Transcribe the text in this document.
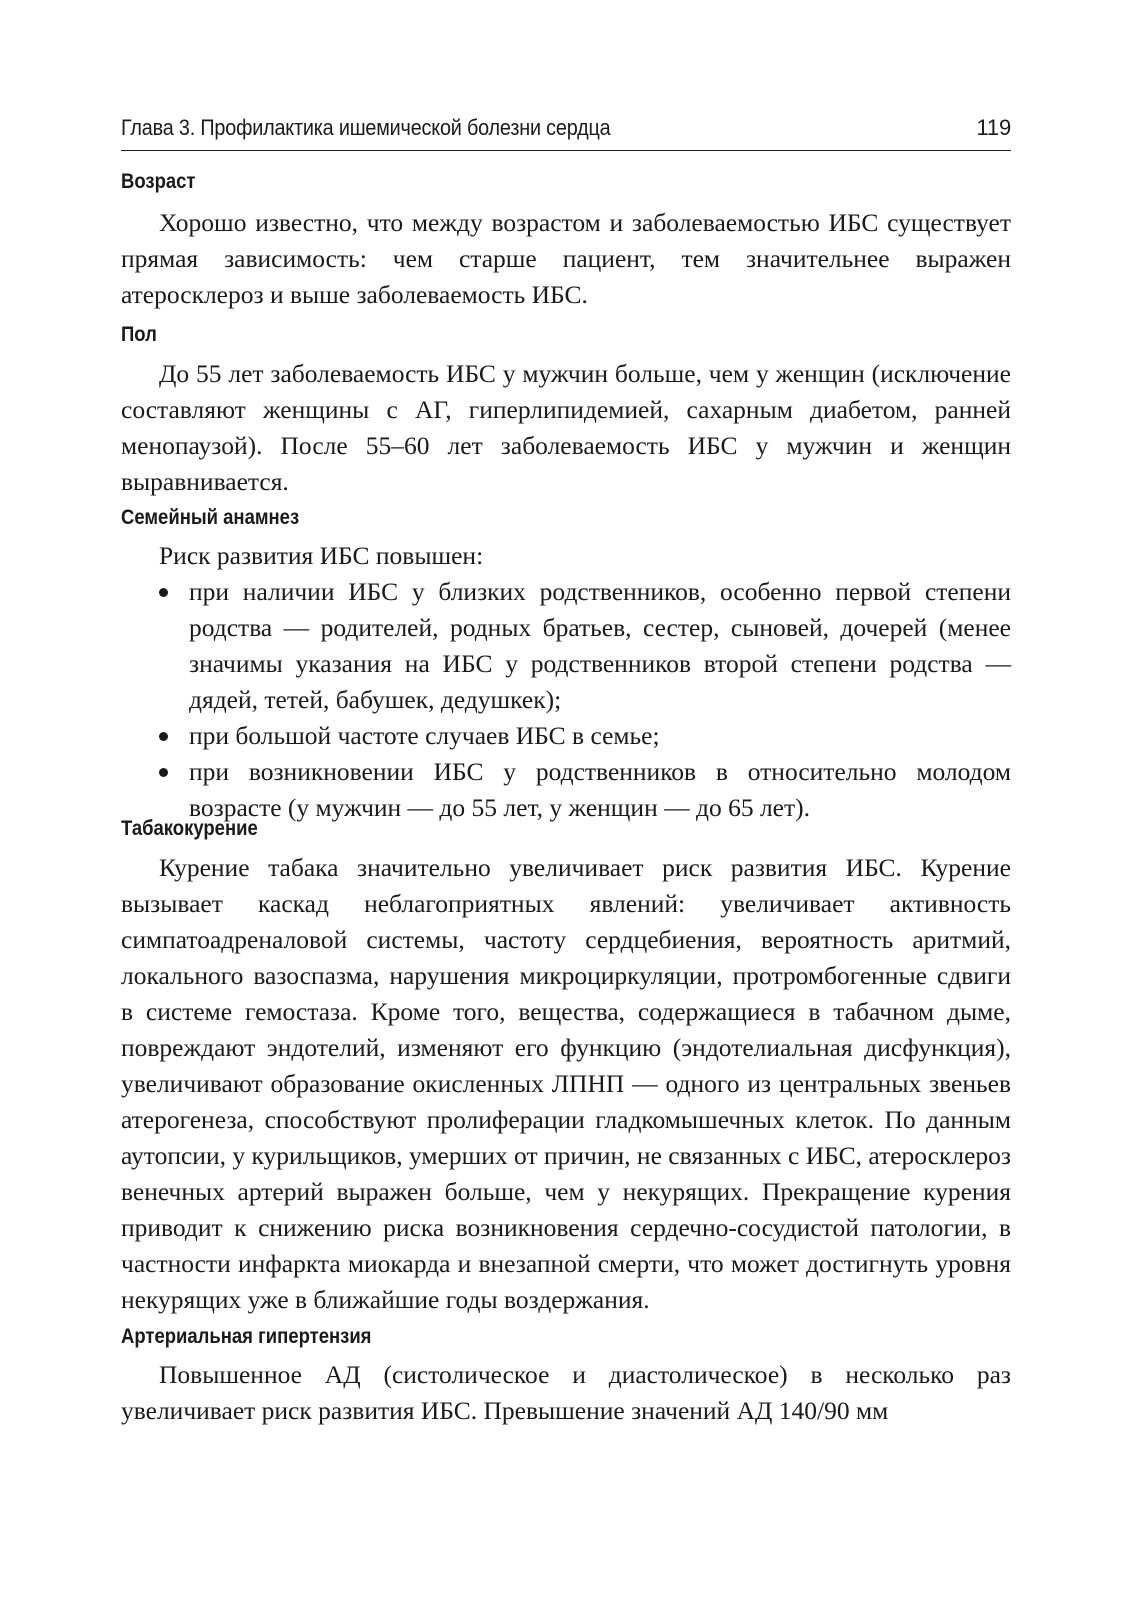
Глава 3. Профилактика ишемической болезни сердца	119
Возраст

Хорошо известно, что между возрастом и заболеваемостью ИБС существует прямая зависимость: чем старше пациент, тем значительнее выражен атеросклероз и выше заболеваемость ИБС.

Пол

До 55 лет заболеваемость ИБС у мужчин больше, чем у женщин (исключение составляют женщины с АГ, гиперлипидемией, сахарным диабетом, ранней менопаузой). После 55–60 лет заболеваемость ИБС у мужчин и женщин выравнивается.

Семейный анамнез

Риск развития ИБС повышен:

при наличии ИБС у близких родственников, особенно первой степени родства — родителей, родных братьев, сестер, сыновей, дочерей (менее значимы указания на ИБС у родственников второй степени родства — дядей, тетей, бабушек, дедушкек);
при большой частоте случаев ИБС в семье;
при возникновении ИБС у родственников в относительно молодом возрасте (у мужчин — до 55 лет, у женщин — до 65 лет).
Табакокурение

Курение табака значительно увеличивает риск развития ИБС. Курение вызывает каскад неблагоприятных явлений: увеличивает активность симпатоадреналовой системы, частоту сердцебиения, вероятность аритмий, локального вазоспазма, нарушения микроциркуляции, протромбогенные сдвиги в системе гемостаза. Кроме того, вещества, содержащиеся в табачном дыме, повреждают эндотелий, изменяют его функцию (эндотелиальная дисфункция), увеличивают образование окисленных ЛПНП — одного из центральных звеньев атерогенеза, способствуют пролиферации гладкомышечных клеток. По данным аутопсии, у курильщиков, умерших от причин, не связанных с ИБС, атеросклероз венечных артерий выражен больше, чем у некурящих. Прекращение курения приводит к снижению риска возникновения сердечно-сосудистой патологии, в частности инфаркта миокарда и внезапной смерти, что может достигнуть уровня некурящих уже в ближайшие годы воздержания.

Артериальная гипертензия

Повышенное АД (систолическое и диастолическое) в несколько раз увеличивает риск развития ИБС. Превышение значений АД 140/90 мм
